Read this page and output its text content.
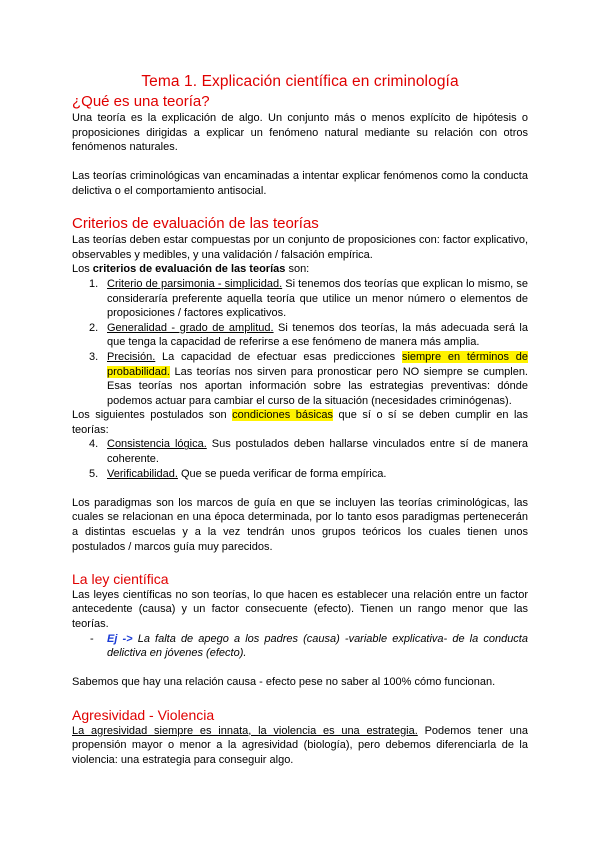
Tema 1. Explicación científica en criminología
¿Qué es una teoría?

Una teoría es la explicación de algo. Un conjunto más o menos explícito de hipótesis o proposiciones dirigidas a explicar un fenómeno natural mediante su relación con otros fenómenos naturales.

Las teorías criminológicas van encaminadas a intentar explicar fenómenos como la conducta delictiva o el comportamiento antisocial.

Criterios de evaluación de las teorías

Las teorías deben estar compuestas por un conjunto de proposiciones con: factor explicativo, observables y medibles, y una validación / falsación empírica.

Los criterios de evaluación de las teorías son:

1. Criterio de parsimonia - simplicidad. Si tenemos dos teorías que explican lo mismo, se consideraría preferente aquella teoría que utilice un menor número o elementos de proposiciones / factores explicativos.
2. Generalidad - grado de amplitud. Si tenemos dos teorías, la más adecuada será la que tenga la capacidad de referirse a ese fenómeno de manera más amplia.
3. Precisión. La capacidad de efectuar esas predicciones siempre en términos de probabilidad. Las teorías nos sirven para pronosticar pero NO siempre se cumplen. Esas teorías nos aportan información sobre las estrategias preventivas: dónde podemos actuar para cambiar el curso de la situación (necesidades criminógenas).

Los siguientes postulados son condiciones básicas que sí o sí se deben cumplir en las teorías:

4. Consistencia lógica. Sus postulados deben hallarse vinculados entre sí de manera coherente.
5. Verificabilidad. Que se pueda verificar de forma empírica.

Los paradigmas son los marcos de guía en que se incluyen las teorías criminológicas, las cuales se relacionan en una época determinada, por lo tanto esos paradigmas pertenecerán a distintas escuelas y a la vez tendrán unos grupos teóricos los cuales tienen unos postulados / marcos guía muy parecidos.

La ley científica

Las leyes científicas no son teorías, lo que hacen es establecer una relación entre un factor antecedente (causa) y un factor consecuente (efecto). Tienen un rango menor que las teorías.

- Ej -> La falta de apego a los padres (causa) -variable explicativa- de la conducta delictiva en jóvenes (efecto).

Sabemos que hay una relación causa - efecto pese no saber al 100% cómo funcionan.

Agresividad - Violencia

La agresividad siempre es innata, la violencia es una estrategia. Podemos tener una propensión mayor o menor a la agresividad (biología), pero debemos diferenciarla de la violencia: una estrategia para conseguir algo.
